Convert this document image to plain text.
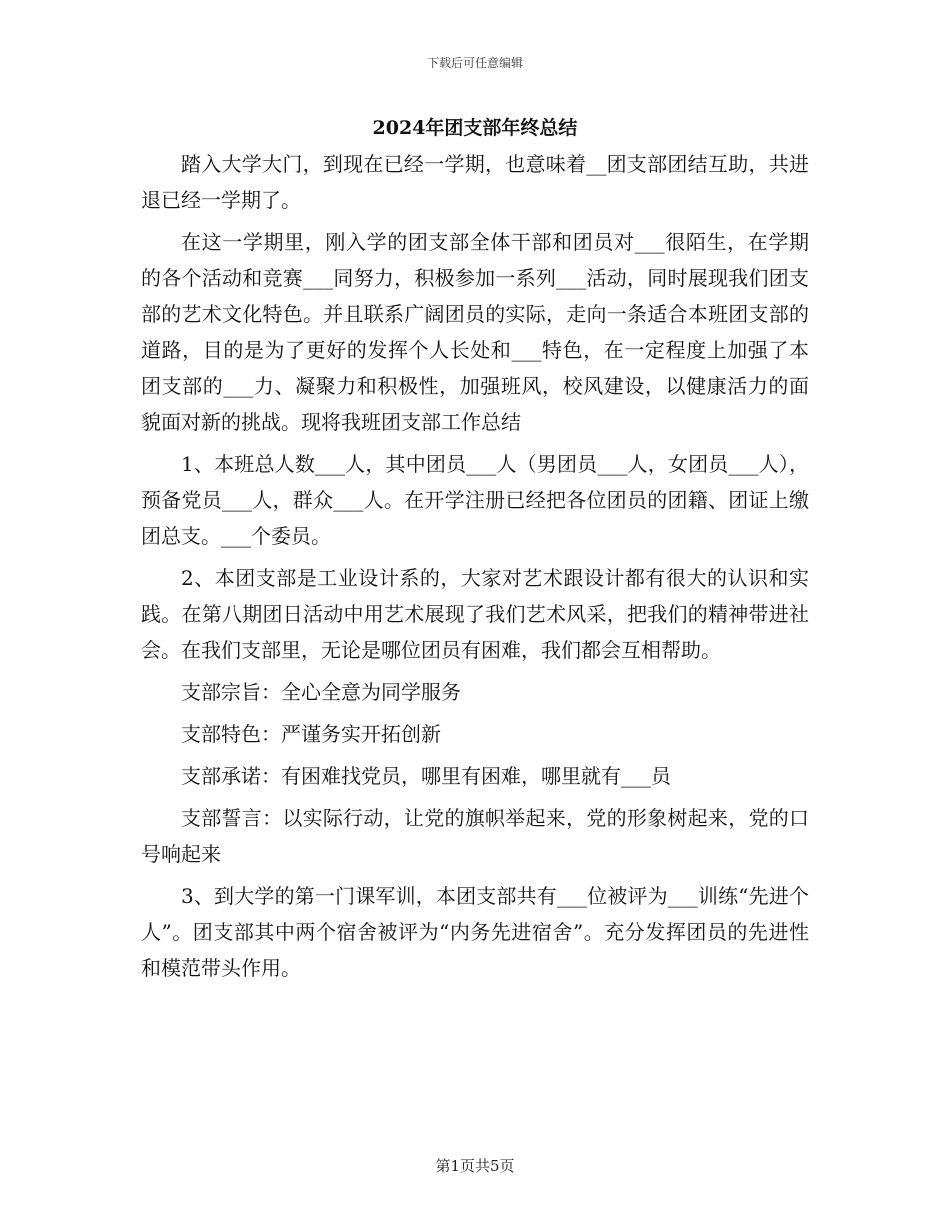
下载后可任意编辑
2024年团支部年终总结

踏入大学大门，到现在已经一学期，也意味着__团支部团结互助，共进退已经一学期了。

在这一学期里，刚入学的团支部全体干部和团员对___很陌生，在学期的各个活动和竞赛___同努力，积极参加一系列___活动，同时展现我们团支部的艺术文化特色。并且联系广阔团员的实际，走向一条适合本班团支部的道路，目的是为了更好的发挥个人长处和___特色，在一定程度上加强了本团支部的___力、凝聚力和积极性，加强班风，校风建设，以健康活力的面貌面对新的挑战。现将我班团支部工作总结

1、本班总人数___人，其中团员___人（男团员___人，女团员___人），预备党员___人，群众___人。在开学注册已经把各位团员的团籍、团证上缴团总支。___个委员。

2、本团支部是工业设计系的，大家对艺术跟设计都有很大的认识和实践。在第八期团日活动中用艺术展现了我们艺术风采，把我们的精神带进社会。在我们支部里，无论是哪位团员有困难，我们都会互相帮助。

支部宗旨：全心全意为同学服务

支部特色：严谨务实开拓创新

支部承诺：有困难找党员，哪里有困难，哪里就有___员

支部誓言：以实际行动，让党的旗帜举起来，党的形象树起来，党的口号响起来

3、到大学的第一门课军训，本团支部共有___位被评为___训练“先进个人”。团支部其中两个宿舍被评为“内务先进宿舍”。充分发挥团员的先进性和模范带头作用。

第1页共5页
